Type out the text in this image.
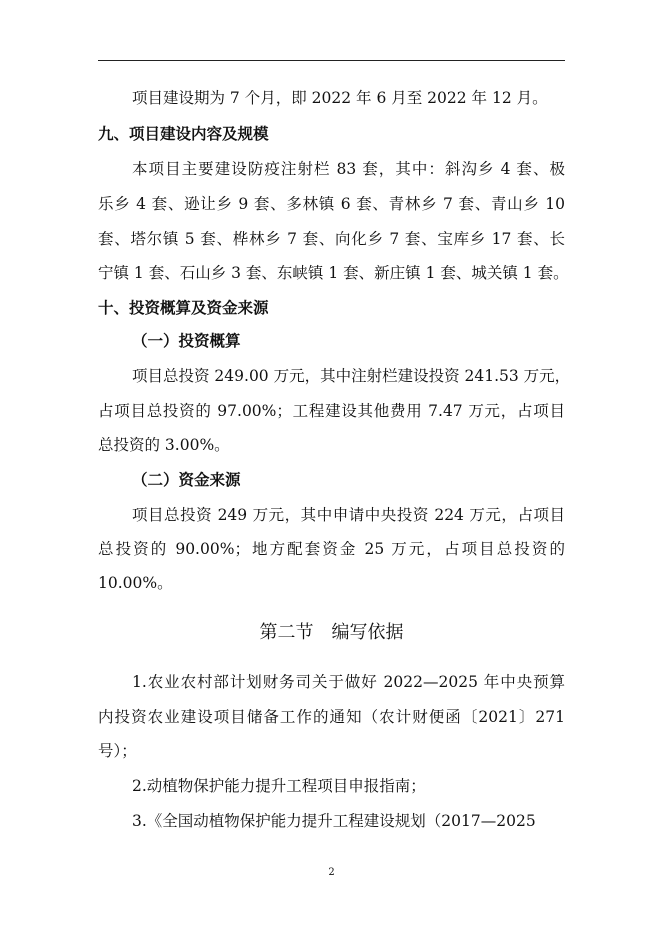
项目建设期为 7 个月，即 2022 年 6 月至 2022 年 12 月。
九、项目建设内容及规模
本项目主要建设防疫注射栏 83 套，其中：斜沟乡 4 套、极
乐乡 4 套、逊让乡 9 套、多林镇 6 套、青林乡 7 套、青山乡 10
套、塔尔镇 5 套、桦林乡 7 套、向化乡 7 套、宝库乡 17 套、长
宁镇 1 套、石山乡 3 套、东峡镇 1 套、新庄镇 1 套、城关镇 1 套。
十、投资概算及资金来源
（一）投资概算
项目总投资 249.00 万元，其中注射栏建设投资 241.53 万元，
占项目总投资的 97.00%；工程建设其他费用 7.47 万元，占项目
总投资的 3.00%。
（二）资金来源
项目总投资 249 万元，其中申请中央投资 224 万元，占项目
总投资的 90.00%；地方配套资金 25 万元，占项目总投资的
10.00%。
第二节　编写依据
1.农业农村部计划财务司关于做好 2022—2025 年中央预算
内投资农业建设项目储备工作的通知（农计财便函〔2021〕271
号）；
2.动植物保护能力提升工程项目申报指南；
3.《全国动植物保护能力提升工程建设规划（2017—2025
2
